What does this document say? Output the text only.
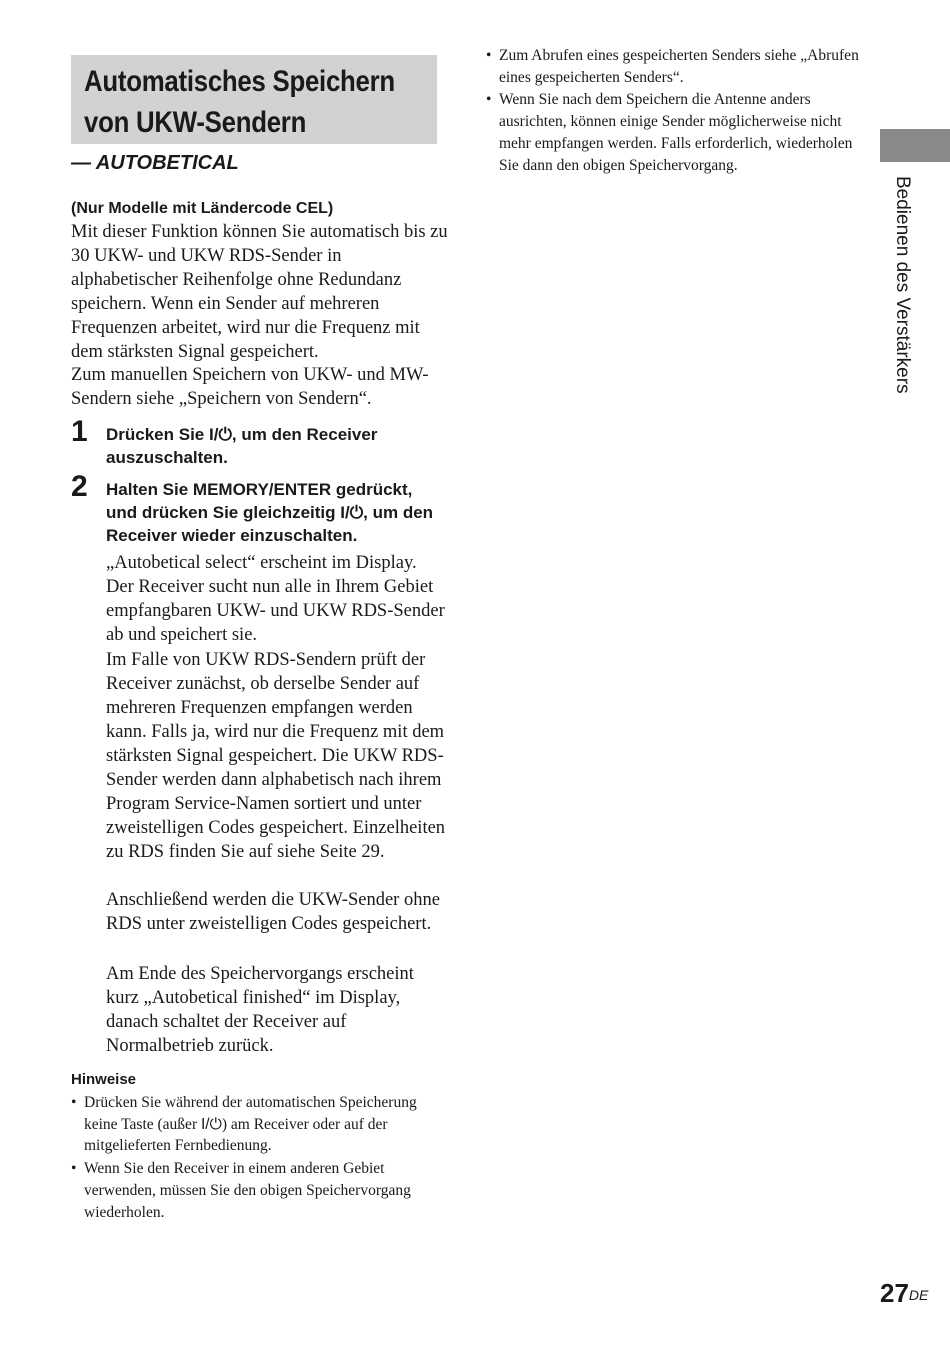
Automatisches Speichern
von UKW-Sendern
— AUTOBETICAL
(Nur Modelle mit Ländercode CEL)

Mit dieser Funktion können Sie automatisch bis zu 30 UKW- und UKW RDS-Sender in alphabetischer Reihenfolge ohne Redundanz speichern. Wenn ein Sender auf mehreren Frequenzen arbeitet, wird nur die Frequenz mit dem stärksten Signal gespeichert.

Zum manuellen Speichern von UKW- und MW-Sendern siehe „Speichern von Sendern“.

1 Drücken Sie I/⏻, um den Receiver auszuschalten.
2 Halten Sie MEMORY/ENTER gedrückt, und drücken Sie gleichzeitig I/⏻, um den Receiver wieder einzuschalten.

„Autobetical select“ erscheint im Display. Der Receiver sucht nun alle in Ihrem Gebiet empfangbaren UKW- und UKW RDS-Sender ab und speichert sie.

Im Falle von UKW RDS-Sendern prüft der Receiver zunächst, ob derselbe Sender auf mehreren Frequenzen empfangen werden kann. Falls ja, wird nur die Frequenz mit dem stärksten Signal gespeichert. Die UKW RDS-Sender werden dann alphabetisch nach ihrem Program Service-Namen sortiert und unter zweistelligen Codes gespeichert. Einzelheiten zu RDS finden Sie auf siehe Seite 29.

Anschließend werden die UKW-Sender ohne RDS unter zweistelligen Codes gespeichert.

Am Ende des Speichervorgangs erscheint kurz „Autobetical finished“ im Display, danach schaltet der Receiver auf Normalbetrieb zurück.

Hinweise
• Drücken Sie während der automatischen Speicherung keine Taste (außer I/⏻) am Receiver oder auf der mitgelieferten Fernbedienung.
• Wenn Sie den Receiver in einem anderen Gebiet verwenden, müssen Sie den obigen Speichervorgang wiederholen.
• Zum Abrufen eines gespeicherten Senders siehe „Abrufen eines gespeicherten Senders“.
• Wenn Sie nach dem Speichern die Antenne anders ausrichten, können einige Sender möglicherweise nicht mehr empfangen werden. Falls erforderlich, wiederholen Sie dann den obigen Speichervorgang.
Bedienen des Verstärkers
27DE
